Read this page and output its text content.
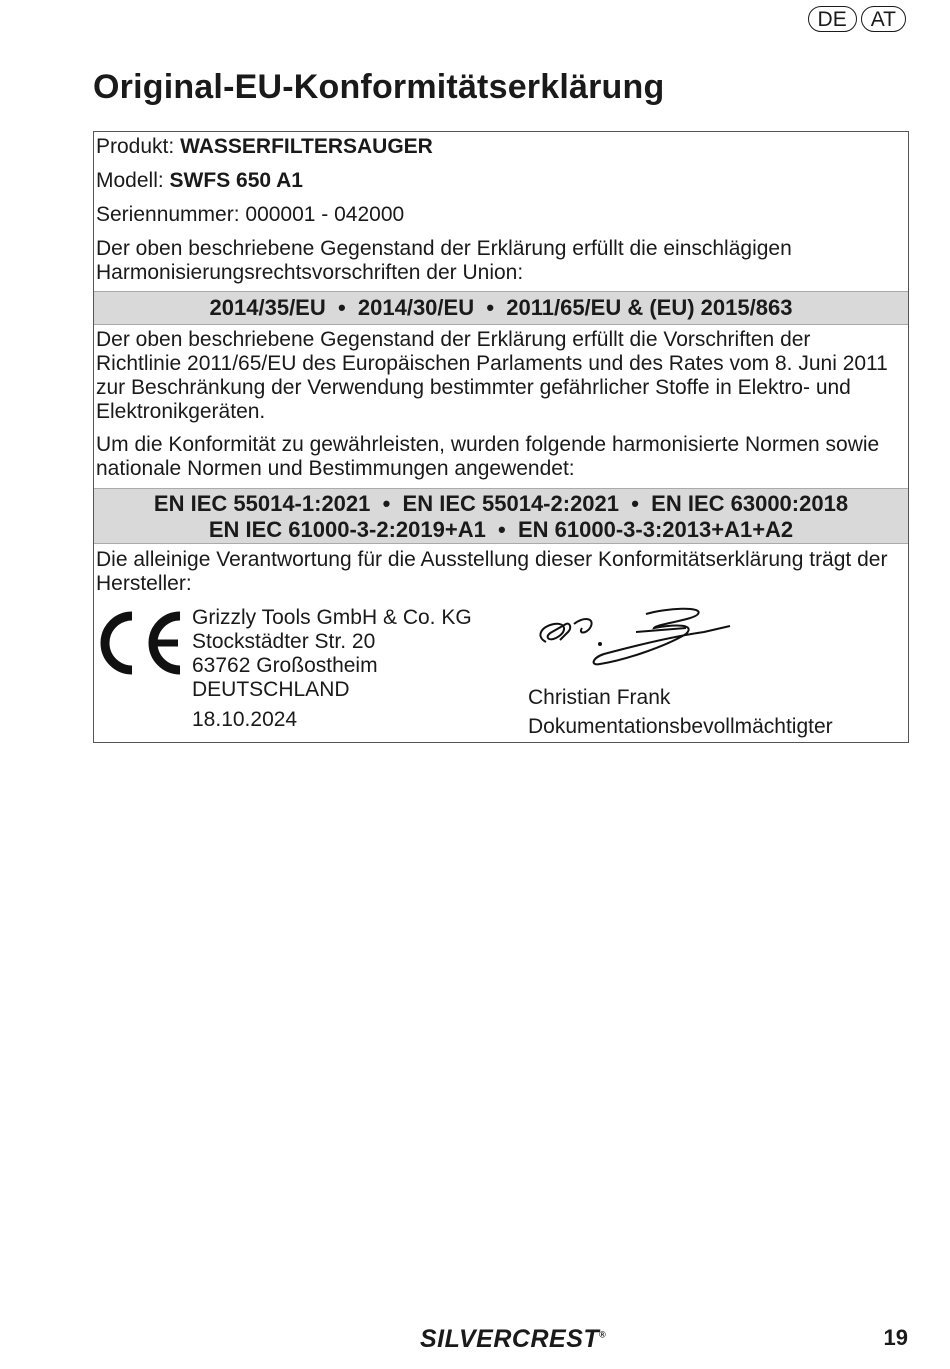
DE	AT
Original-EU-Konformitätserklärung
Produkt: WASSERFILTERSAUGER
Modell: SWFS 650 A1
Seriennummer: 000001 - 042000
Der oben beschriebene Gegenstand der Erklärung erfüllt die einschlägigen Harmonisierungsrechtsvorschriften der Union:
2014/35/EU  •  2014/30/EU  •  2011/65/EU & (EU) 2015/863
Der oben beschriebene Gegenstand der Erklärung erfüllt die Vorschriften der Richtlinie 2011/65/EU des Europäischen Parlaments und des Rates vom 8. Juni 2011 zur Beschränkung der Verwendung bestimmter gefährlicher Stoffe in Elektro- und Elektronikgeräten.
Um die Konformität zu gewährleisten, wurden folgende harmonisierte Normen sowie nationale Normen und Bestimmungen angewendet:
EN IEC 55014-1:2021  •  EN IEC 55014-2:2021  •  EN IEC 63000:2018
EN IEC 61000-3-2:2019+A1  •  EN 61000-3-3:2013+A1+A2
Die alleinige Verantwortung für die Ausstellung dieser Konformitätserklärung trägt der Hersteller:
Grizzly Tools GmbH & Co. KG
Stockstädter Str. 20
63762 Großostheim
DEUTSCHLAND
18.10.2024
Christian Frank
Dokumentationsbevollmächtigter
SILVERCREST®	19
